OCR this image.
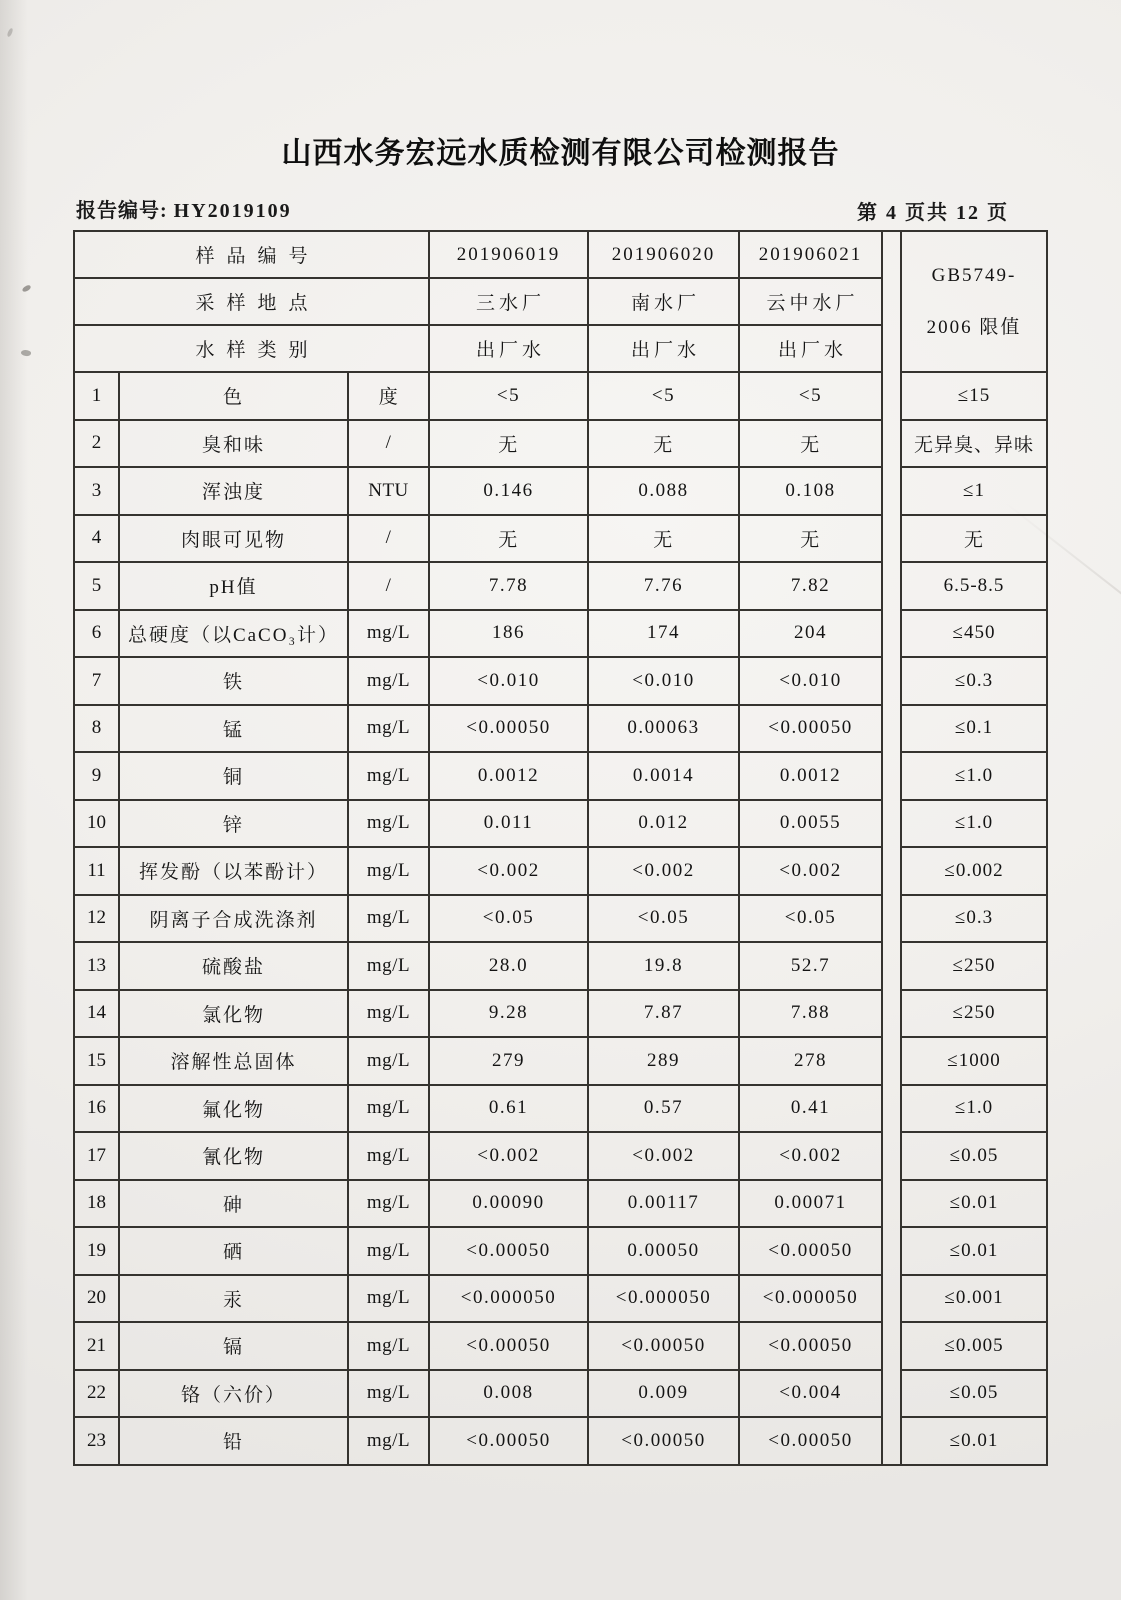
山西水务宏远水质检测有限公司检测报告
报告编号: HY2019109	第 4 页共 12 页
样品编号			201906019	201906020	201906021		GB5749-
2006 限值

采样地点			三水厂	南水厂	云中水厂		
水样类别			出厂水	出厂水	出厂水		
1	色	度	<5	<5	<5		≤15
2	臭和味	/	无	无	无		无异臭、异味
3	浑浊度	NTU	0.146	0.088	0.108		≤1
4	肉眼可见物	/	无	无	无		无
5	pH值	/	7.78	7.76	7.82		6.5-8.5
6	总硬度（以CaCO₃计）	mg/L	186	174	204		≤450
7	铁	mg/L	<0.010	<0.010	<0.010		≤0.3
8	锰	mg/L	<0.00050	0.00063	<0.00050		≤0.1
9	铜	mg/L	0.0012	0.0014	0.0012		≤1.0
10	锌	mg/L	0.011	0.012	0.0055		≤1.0
11	挥发酚（以苯酚计）	mg/L	<0.002	<0.002	<0.002		≤0.002
12	阴离子合成洗涤剂	mg/L	<0.05	<0.05	<0.05		≤0.3
13	硫酸盐	mg/L	28.0	19.8	52.7		≤250
14	氯化物	mg/L	9.28	7.87	7.88		≤250
15	溶解性总固体	mg/L	279	289	278		≤1000
16	氟化物	mg/L	0.61	0.57	0.41		≤1.0
17	氰化物	mg/L	<0.002	<0.002	<0.002		≤0.05
18	砷	mg/L	0.00090	0.00117	0.00071		≤0.01
19	硒	mg/L	<0.00050	0.00050	<0.00050		≤0.01
20	汞	mg/L	<0.000050	<0.000050	<0.000050		≤0.001
21	镉	mg/L	<0.00050	<0.00050	<0.00050		≤0.005
22	铬（六价）	mg/L	0.008	0.009	<0.004		≤0.05
23	铅	mg/L	<0.00050	<0.00050	<0.00050		≤0.01
